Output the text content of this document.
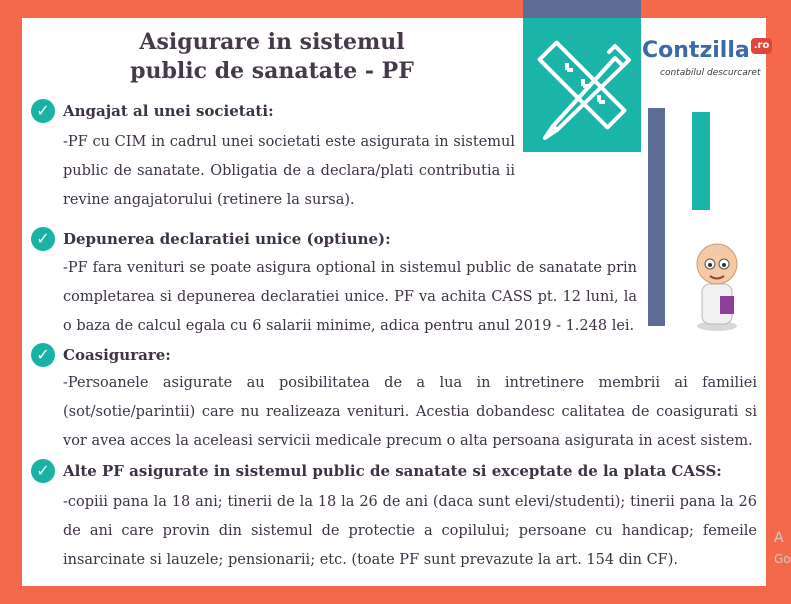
Asigurare in sistemul
public de sanatate - PF
Contzilla .ro
contabilul descurcaret
✓ Angajat al unei societati:
-PF cu CIM in cadrul unei societati este asigurata in sistemul public de sanatate. Obligatia de a declara/plati contributia ii revine angajatorului (retinere la sursa).
✓ Depunerea declaratiei unice (optiune):
-PF fara venituri se poate asigura optional in sistemul public de sanatate prin completarea si depunerea declaratiei unice. PF va achita CASS pt. 12 luni, la o baza de calcul egala cu 6 salarii minime, adica pentru anul 2019 - 1.248 lei.
✓ Coasigurare:
-Persoanele asigurate au posibilitatea de a lua in intretinere membrii ai familiei (sot/sotie/parintii) care nu realizeaza venituri. Acestia dobandesc calitatea de coasigurati si vor avea acces la aceleasi servicii medicale precum o alta persoana asigurata in acest sistem.
✓ Alte PF asigurate in sistemul public de sanatate si exceptate de la plata CASS:
-copiii pana la 18 ani; tinerii de la 18 la 26 de ani (daca sunt elevi/studenti); tinerii pana la 26 de ani care provin din sistemul de protectie a copilului; persoane cu handicap; femeile insarcinate si lauzele; pensionarii; etc. (toate PF sunt prevazute la art. 154 din CF).
A
Go
